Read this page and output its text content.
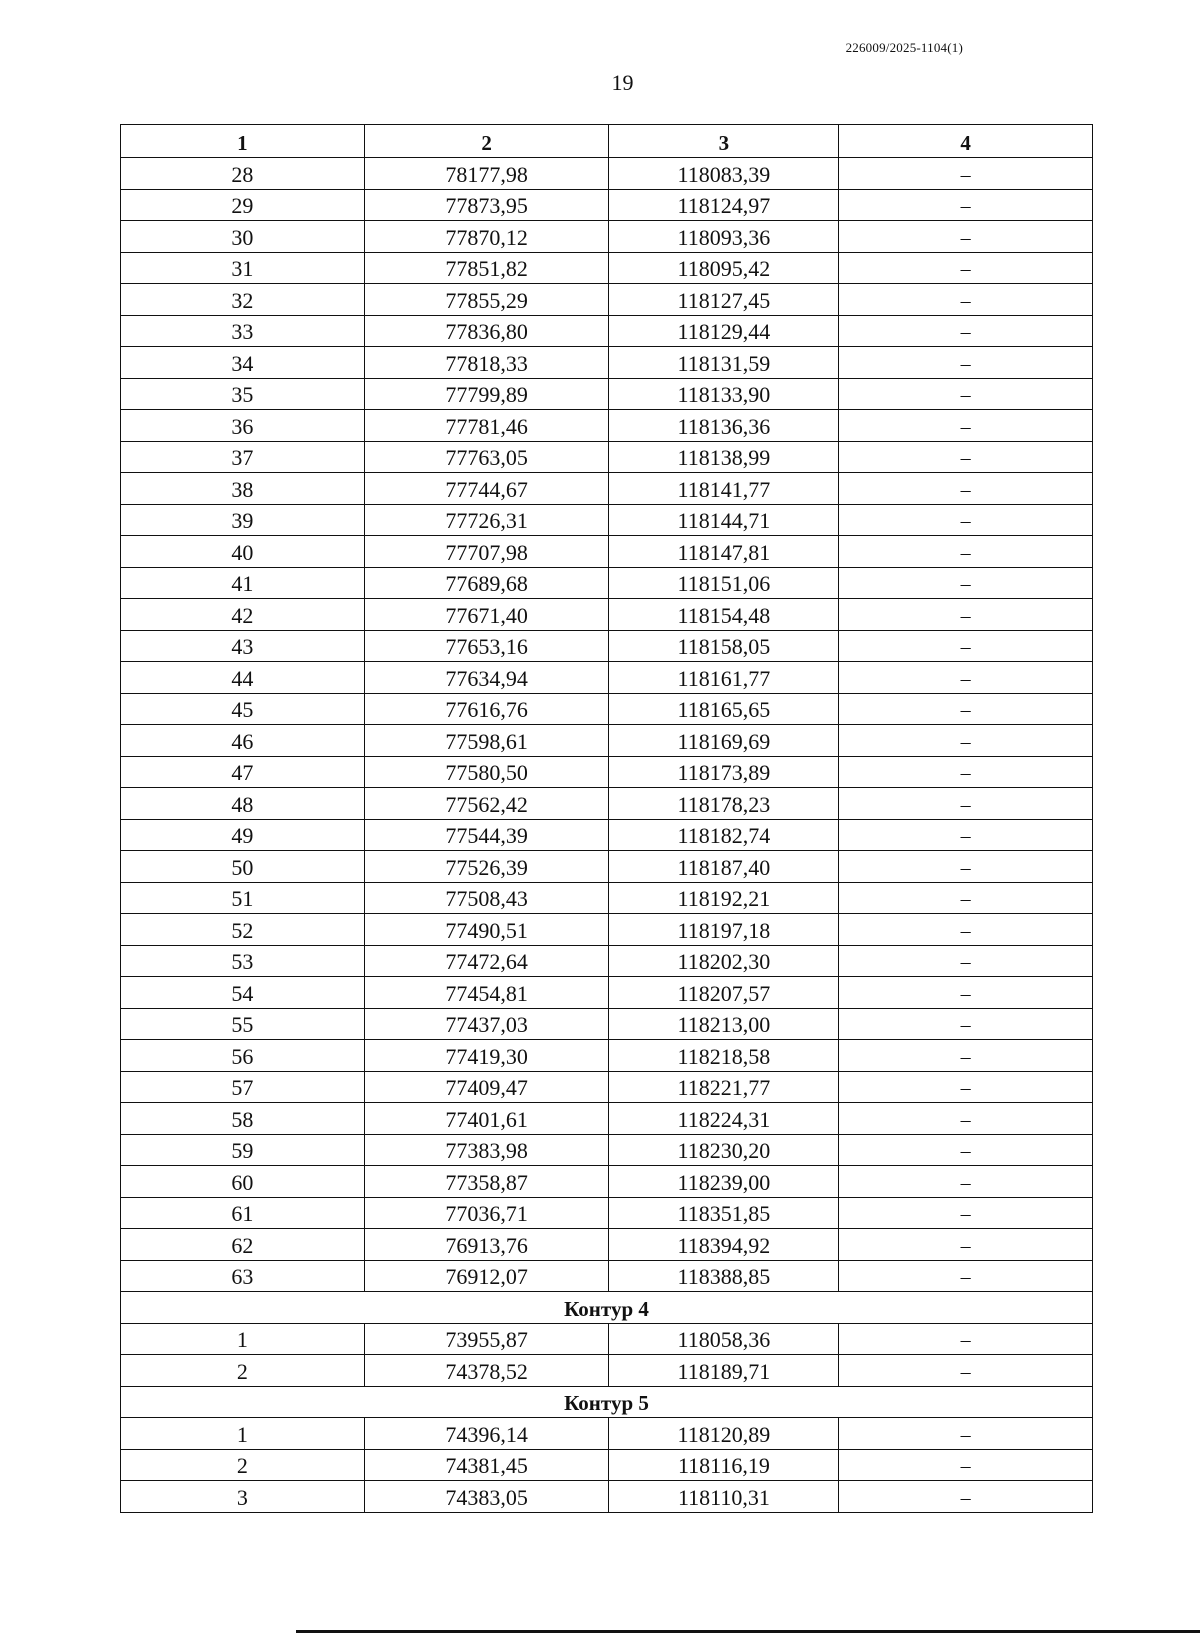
226009/2025-1104(1)
19
1	2	3	4
28	78177,98	118083,39	–
29	77873,95	118124,97	–
30	77870,12	118093,36	–
31	77851,82	118095,42	–
32	77855,29	118127,45	–
33	77836,80	118129,44	–
34	77818,33	118131,59	–
35	77799,89	118133,90	–
36	77781,46	118136,36	–
37	77763,05	118138,99	–
38	77744,67	118141,77	–
39	77726,31	118144,71	–
40	77707,98	118147,81	–
41	77689,68	118151,06	–
42	77671,40	118154,48	–
43	77653,16	118158,05	–
44	77634,94	118161,77	–
45	77616,76	118165,65	–
46	77598,61	118169,69	–
47	77580,50	118173,89	–
48	77562,42	118178,23	–
49	77544,39	118182,74	–
50	77526,39	118187,40	–
51	77508,43	118192,21	–
52	77490,51	118197,18	–
53	77472,64	118202,30	–
54	77454,81	118207,57	–
55	77437,03	118213,00	–
56	77419,30	118218,58	–
57	77409,47	118221,77	–
58	77401,61	118224,31	–
59	77383,98	118230,20	–
60	77358,87	118239,00	–
61	77036,71	118351,85	–
62	76913,76	118394,92	–
63	76912,07	118388,85	–
Контур 4			
1	73955,87	118058,36	–
2	74378,52	118189,71	–
Контур 5			
1	74396,14	118120,89	–
2	74381,45	118116,19	–
3	74383,05	118110,31	–
